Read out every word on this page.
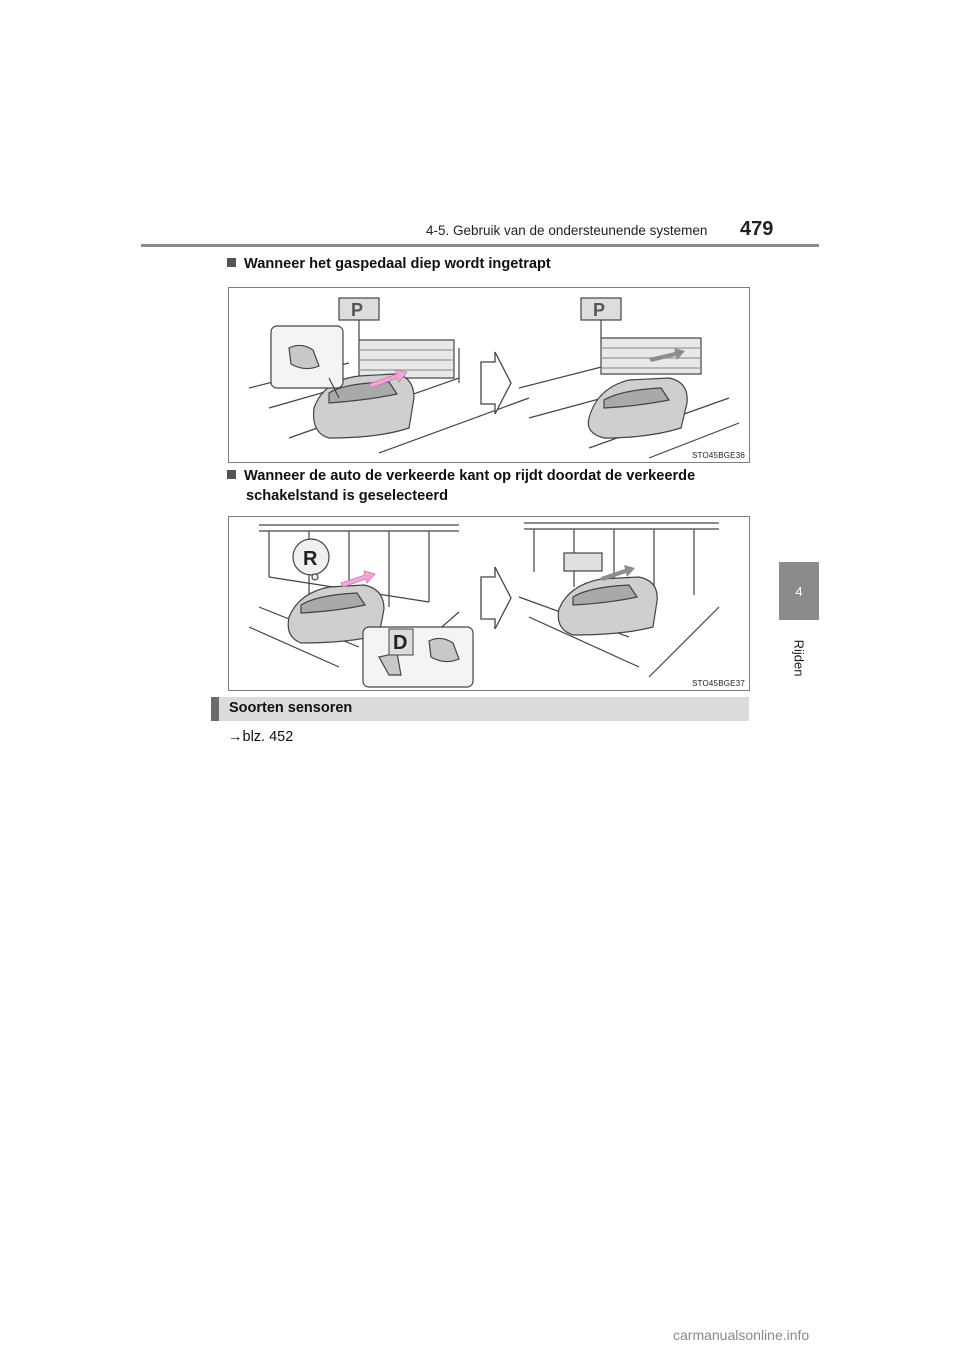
4-5. Gebruik van de ondersteunende systemen 479
4
Rijden
Wanneer het gaspedaal diep wordt ingetrapt
P	P
STO45BGE36
Wanneer de auto de verkeerde kant op rijdt doordat de verkeerde
schakelstand is geselecteerd
R
D
STO45BGE37
Soorten sensoren
→blz. 452
carmanualsonline.info
